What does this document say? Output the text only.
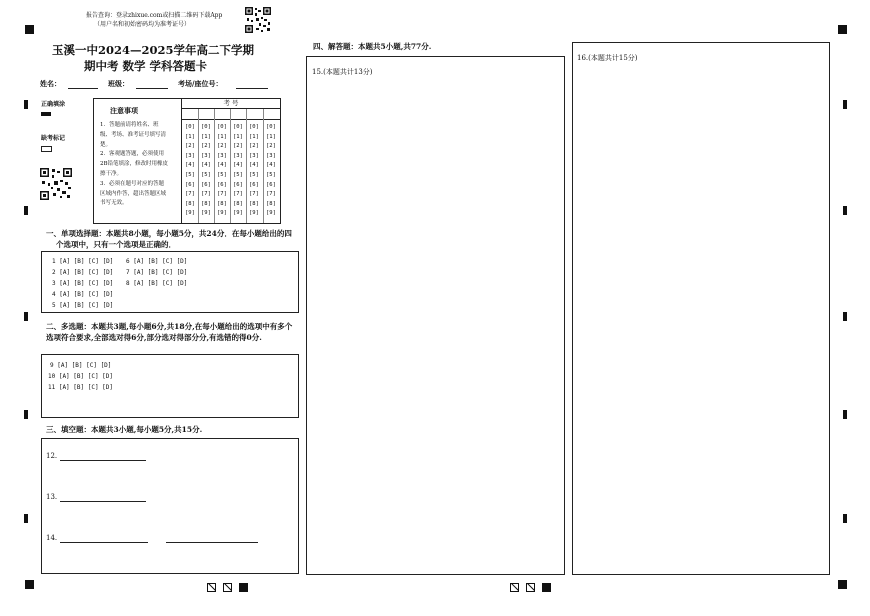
报告查询：登录zhixue.com或扫描二维码下载App
（用户名和初始密码均为准考证号）
玉溪一中2024—2025学年高二下学期
期中考 数学 学科答题卡
姓名：	班级：	考场/座位号：
正确填涂
缺考标记
注意事项
1．答题前请将姓名、班
级、考场、准考证号填写清
楚。
2．客观题答题，必须使用
2B铅笔填涂，修改时用橡皮
擦干净。
3．必须在题号对应的答题
区域内作答，超出答题区域
书写无效。
考 号
[0]
[1]
[2]
[3]
[4]
[5]
[6]
[7]
[8]
[9]
[0]
[1]
[2]
[3]
[4]
[5]
[6]
[7]
[8]
[9]
[0]
[1]
[2]
[3]
[4]
[5]
[6]
[7]
[8]
[9]
[0]
[1]
[2]
[3]
[4]
[5]
[6]
[7]
[8]
[9]
[0]
[1]
[2]
[3]
[4]
[5]
[6]
[7]
[8]
[9]
[0]
[1]
[2]
[3]
[4]
[5]
[6]
[7]
[8]
[9]
一、单项选择题：本题共8小题，每小题5分，共24分．在每小题给出的四
个选项中，只有一个选项是正确的．
1 [A] [B] [C] [D]
2 [A] [B] [C] [D]
3 [A] [B] [C] [D]
4 [A] [B] [C] [D]
5 [A] [B] [C] [D]
6 [A] [B] [C] [D]
7 [A] [B] [C] [D]
8 [A] [B] [C] [D]
二、多选题：本题共3题,每小题6分,共18分,在每小题给出的选项中有多个
选项符合要求,全部选对得6分,部分选对得部分分,有选错的得0分.
9 [A] [B] [C] [D]
10 [A] [B] [C] [D]
11 [A] [B] [C] [D]
三、填空题：本题共3小题,每小题5分,共15分.
12.
13.
14.
四、解答题：本题共5小题,共77分.
15.(本题共计13分)
16.(本题共计15分)
